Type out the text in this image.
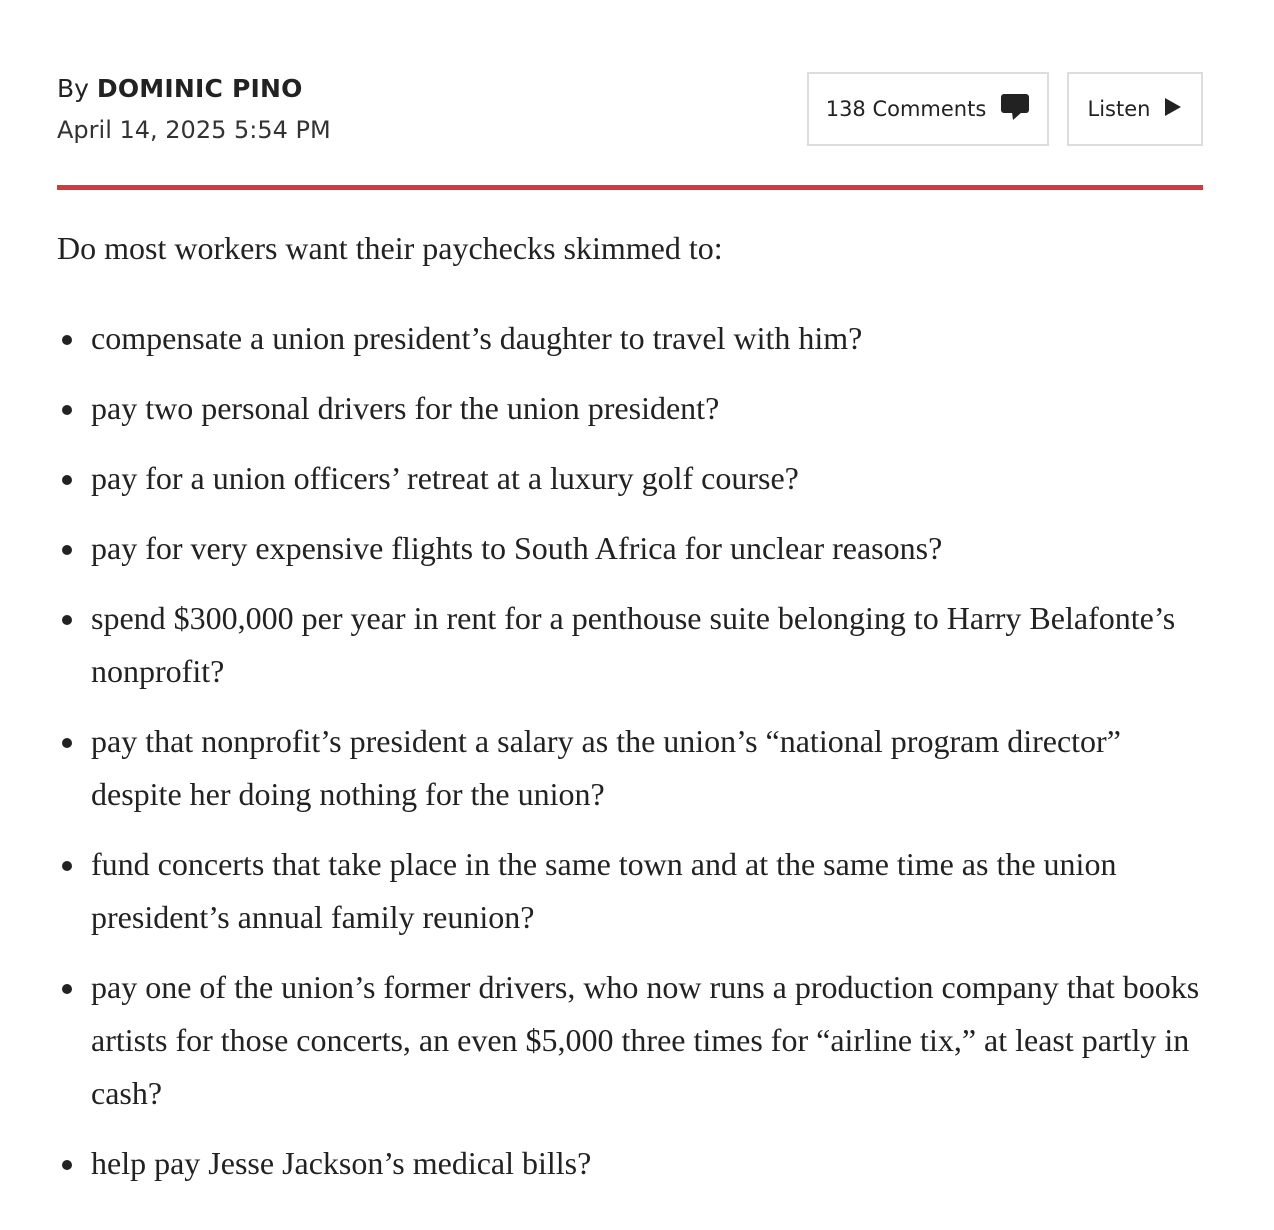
By DOMINIC PINO
April 14, 2025 5:54 PM
138 Comments	Listen

Do most workers want their paychecks skimmed to:

compensate a union president’s daughter to travel with him?
pay two personal drivers for the union president?
pay for a union officers’ retreat at a luxury golf course?
pay for very expensive flights to South Africa for unclear reasons?
spend $300,000 per year in rent for a penthouse suite belonging to Harry Belafonte’s nonprofit?
pay that nonprofit’s president a salary as the union’s “national program director” despite her doing nothing for the union?
fund concerts that take place in the same town and at the same time as the union president’s annual family reunion?
pay one of the union’s former drivers, who now runs a production company that books artists for those concerts, an even $5,000 three times for “airline tix,” at least partly in cash?
help pay Jesse Jackson’s medical bills?
